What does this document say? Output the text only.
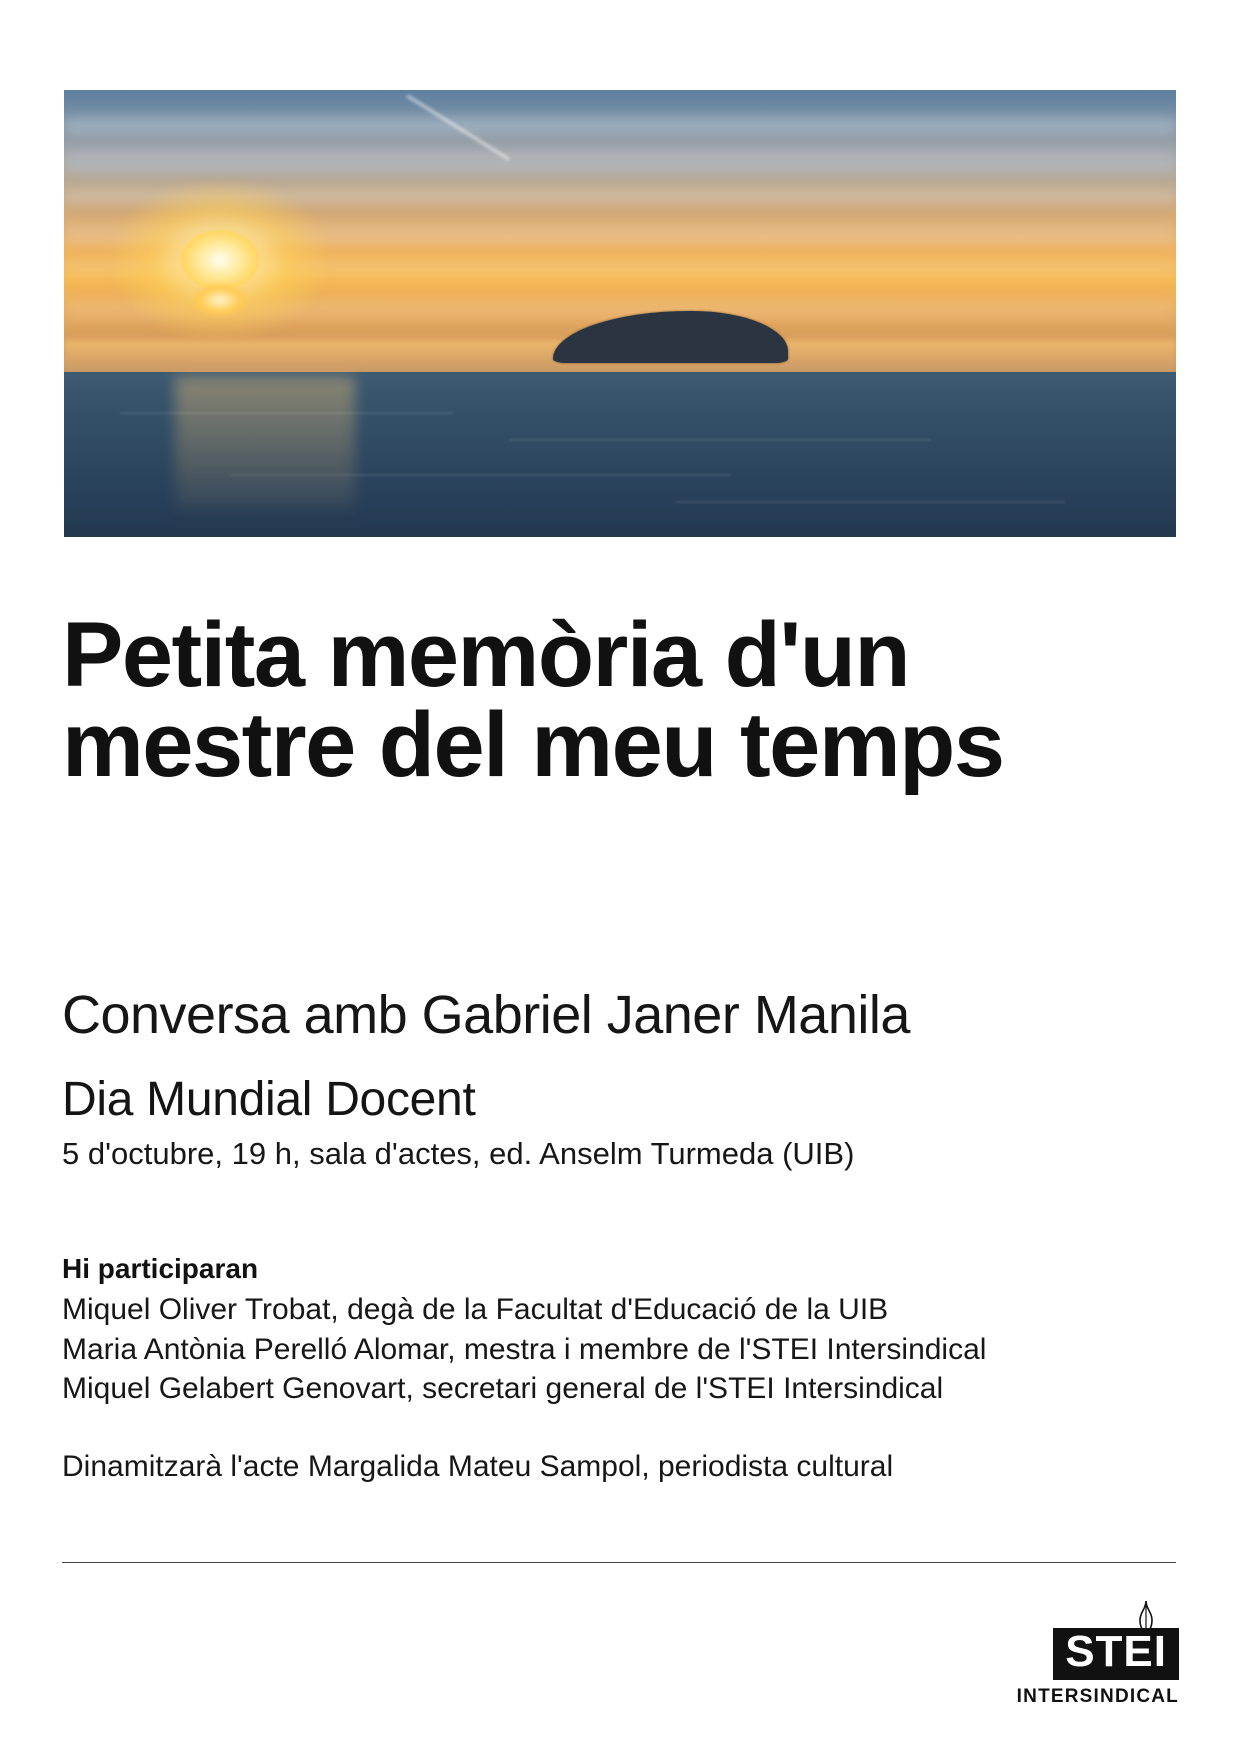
Petita memòria d'un mestre del meu temps
Conversa amb Gabriel Janer Manila
Dia Mundial Docent
5 d'octubre, 19 h, sala d'actes, ed. Anselm Turmeda (UIB)
Hi participaran
Miquel Oliver Trobat, degà de la Facultat d'Educació de la UIB
Maria Antònia Perelló Alomar, mestra i membre de l'STEI Intersindical
Miquel Gelabert Genovart, secretari general de l'STEI Intersindical
Dinamitzarà l'acte Margalida Mateu Sampol, periodista cultural
STEI
INTERSINDICAL
